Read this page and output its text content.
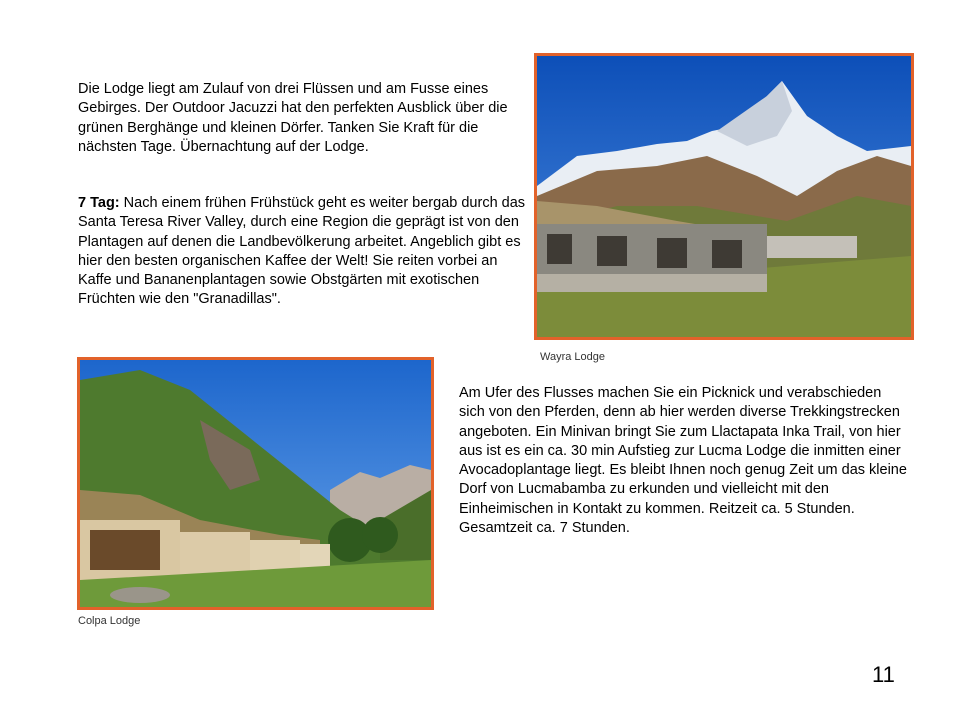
Die Lodge liegt am Zulauf von drei Flüssen und am Fusse eines Gebirges. Der Outdoor Jacuzzi hat den perfekten Ausblick über die grünen Berghänge und kleinen Dörfer. Tanken Sie Kraft für die nächsten Tage. Übernachtung auf der Lodge.
7 Tag: Nach einem frühen Frühstück geht es weiter bergab durch das Santa Teresa River Valley, durch eine Region die geprägt ist von den Plantagen auf denen die Landbevölkerung arbeitet. Angeblich gibt es hier den besten organischen Kaffee der Welt! Sie reiten vorbei an Kaffe und Bananenplantagen sowie Obstgärten mit exotischen Früchten wie den "Granadillas".
Wayra Lodge
Colpa Lodge
Am Ufer des Flusses machen Sie ein Picknick und verabschieden sich von den Pferden, denn ab hier werden diverse Trekkingstrecken angeboten. Ein Minivan bringt Sie zum Llactapata Inka Trail, von hier aus ist es ein ca. 30 min Aufstieg zur Lucma Lodge die inmitten einer Avocadoplantage liegt. Es bleibt Ihnen noch genug Zeit um das kleine Dorf von Lucmabamba zu erkunden und vielleicht mit den Einheimischen in Kontakt zu kommen. Reitzeit ca. 5 Stunden. Gesamtzeit ca. 7 Stunden.
11
